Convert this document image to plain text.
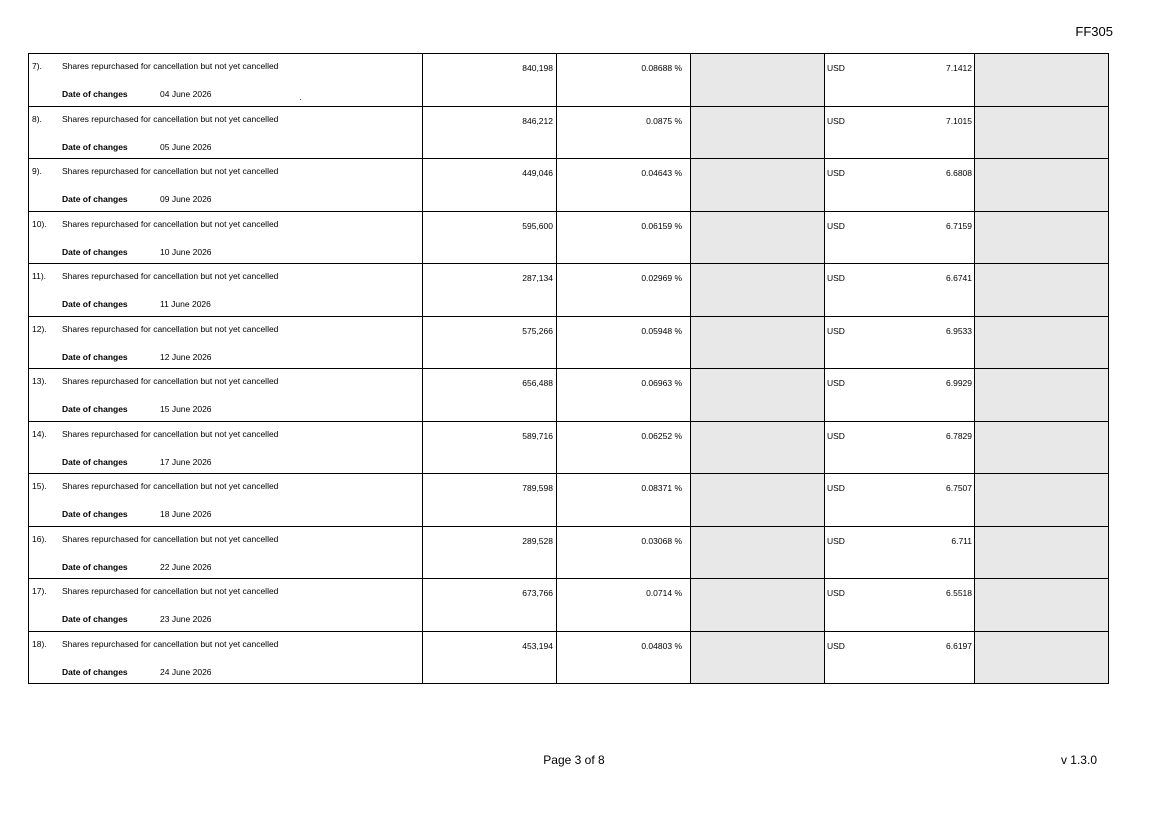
FF305
7). Shares repurchased for cancellation but not yet cancelled
Date of changes 04 June 2026	840,198	0.08688 %		USD 7.1412	

8). Shares repurchased for cancellation but not yet cancelled
Date of changes 05 June 2026	846,212	0.0875 %		USD 7.1015	

9). Shares repurchased for cancellation but not yet cancelled
Date of changes 09 June 2026	449,046	0.04643 %		USD 6.6808	

10). Shares repurchased for cancellation but not yet cancelled
Date of changes 10 June 2026	595,600	0.06159 %		USD 6.7159	

11). Shares repurchased for cancellation but not yet cancelled
Date of changes 11 June 2026	287,134	0.02969 %		USD 6.6741	

12). Shares repurchased for cancellation but not yet cancelled
Date of changes 12 June 2026	575,266	0.05948 %		USD 6.9533	

13). Shares repurchased for cancellation but not yet cancelled
Date of changes 15 June 2026	656,488	0.06963 %		USD 6.9929	

14). Shares repurchased for cancellation but not yet cancelled
Date of changes 17 June 2026	589,716	0.06252 %		USD 6.7829	

15). Shares repurchased for cancellation but not yet cancelled
Date of changes 18 June 2026	789,598	0.08371 %		USD 6.7507	

16). Shares repurchased for cancellation but not yet cancelled
Date of changes 22 June 2026	289,528	0.03068 %		USD 6.711	

17). Shares repurchased for cancellation but not yet cancelled
Date of changes 23 June 2026	673,766	0.0714 %		USD 6.5518	

18). Shares repurchased for cancellation but not yet cancelled
Date of changes 24 June 2026	453,194	0.04803 %		USD 6.6197	

Page 3 of 8	v 1.3.0
